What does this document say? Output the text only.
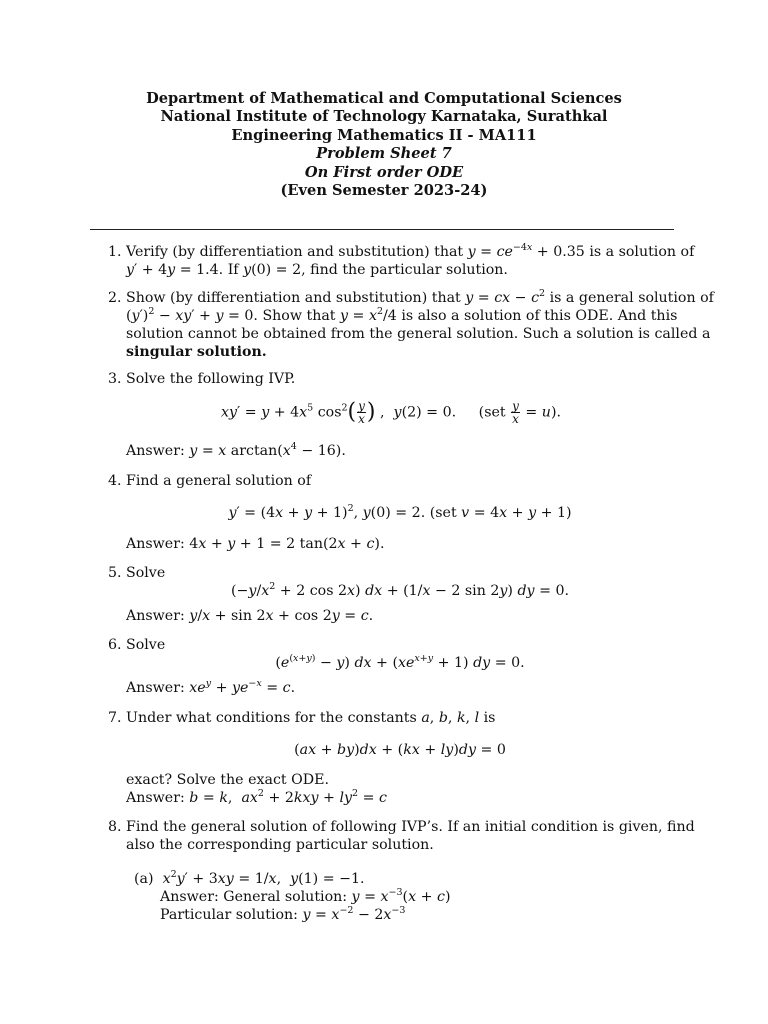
Department of Mathematical and Computational Sciences
National Institute of Technology Karnataka, Surathkal
Engineering Mathematics II - MA111
Problem Sheet 7
On First order ODE
(Even Semester 2023-24)
1. Verify (by differentiation and substitution) that $y = ce^{-4x} + 0.35$ is a solution of
y′ + 4y = 1.4. If y(0) = 2, find the particular solution.
2. Show (by differentiation and substitution) that y = cx − $c^2$ is a general solution of
$(y')^2 - xy' + y = 0$. Show that $y = x^2/4$ is also a solution of this ODE. And this
solution cannot be obtained from the general solution. Such a solution is called a
singular solution.
3. Solve the following IVP.
$xy' = y + 4x^5$ $\cos^2( \frac{y}{x}$ ) ,  y(2) = 0.     $(set \frac{y}{x} = u)$.
Answer: y = x $\arctan(x^4 - 16)$.
4. Find a general solution of
$y' = (4x + y + 1)^2$, y(0) = 2. (set v = 4x + y + 1)
Answer: 4x + y + 1 = 2 tan(2x + c).
5. Solve
($-y/x^2 + 2$ cos 2x) dx + (1/x − 2 sin 2y) dy = 0.
Answer: y/x + sin 2x + cos 2y = c.
6. Solve
$(e^{(x+y)} - y)$ dx + $(xe^{x+y} + 1)$ dy = 0.
Answer: $xe^y + ye^{-x} = c$.
7. Under what conditions for the constants a, b, k, l is
(ax + by)dx + (kx + ly)dy = 0
exact? Solve the exact ODE.
Answer: b = k,  $ax^2 + 2kxy + ly^2 = c$
8. Find the general solution of following IVP’s. If an initial condition is given, find
also the corresponding particular solution.
(a) $x^2y' + 3xy = 1/x$,  y(1) = −1.
Answer: General solution: $y = x^{-3}(x + c)$
Particular solution: $y = x^{-2} - 2x^{-3}$
